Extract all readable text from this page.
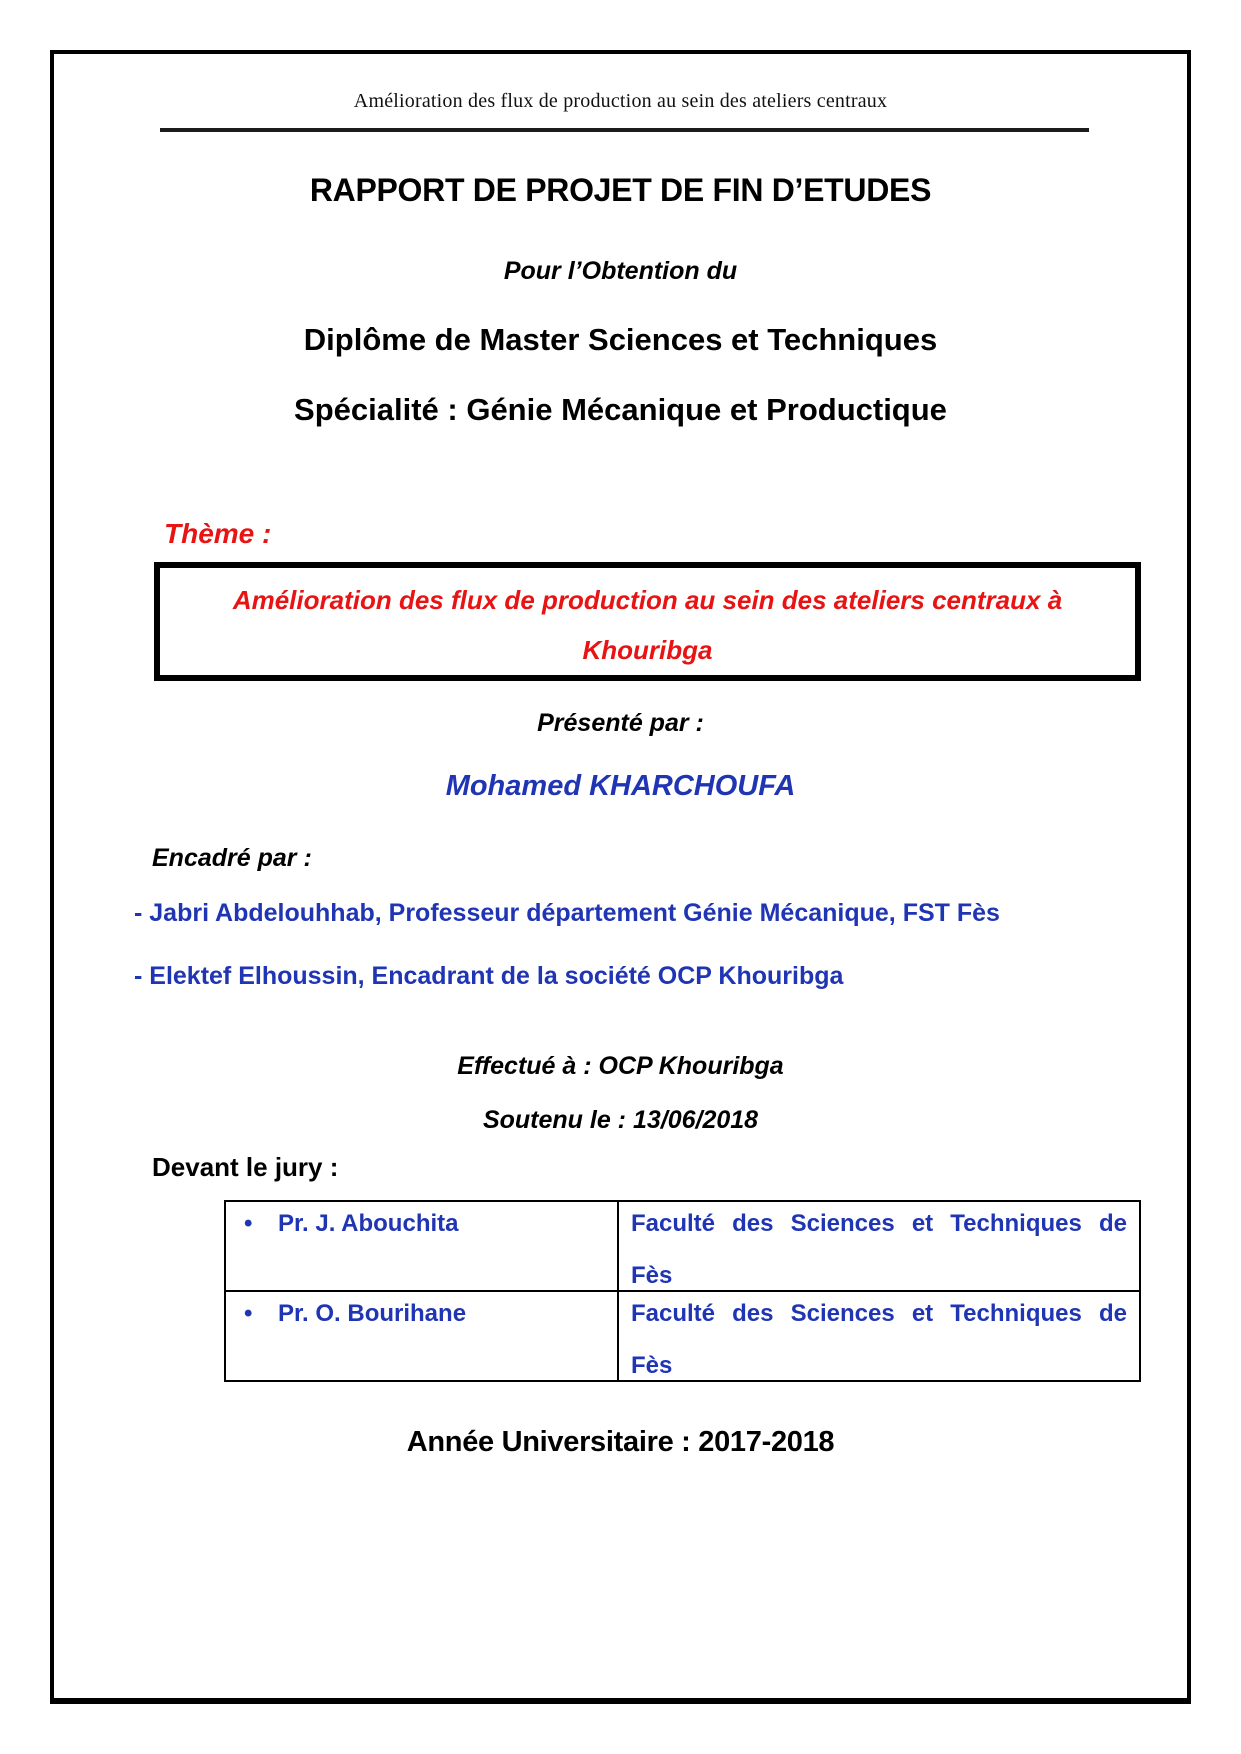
Amélioration des flux de production au sein des ateliers centraux
RAPPORT DE PROJET DE FIN D’ETUDES
Pour l’Obtention du
Diplôme de Master Sciences et Techniques
Spécialité : Génie Mécanique et Productique
Thème :
Amélioration des flux de production au sein des ateliers centraux à
Khouribga
Présenté par :
Mohamed KHARCHOUFA
Encadré par :
- Jabri Abdelouhhab, Professeur département Génie Mécanique, FST Fès
- Elektef Elhoussin, Encadrant de la société OCP Khouribga
Effectué à : OCP Khouribga
Soutenu le : 13/06/2018
Devant le jury :
• Pr. J. Abouchita	Faculté des Sciences et Techniques de
Fès

• Pr. O. Bourihane	Faculté des Sciences et Techniques de
Fès
Année Universitaire : 2017-2018
